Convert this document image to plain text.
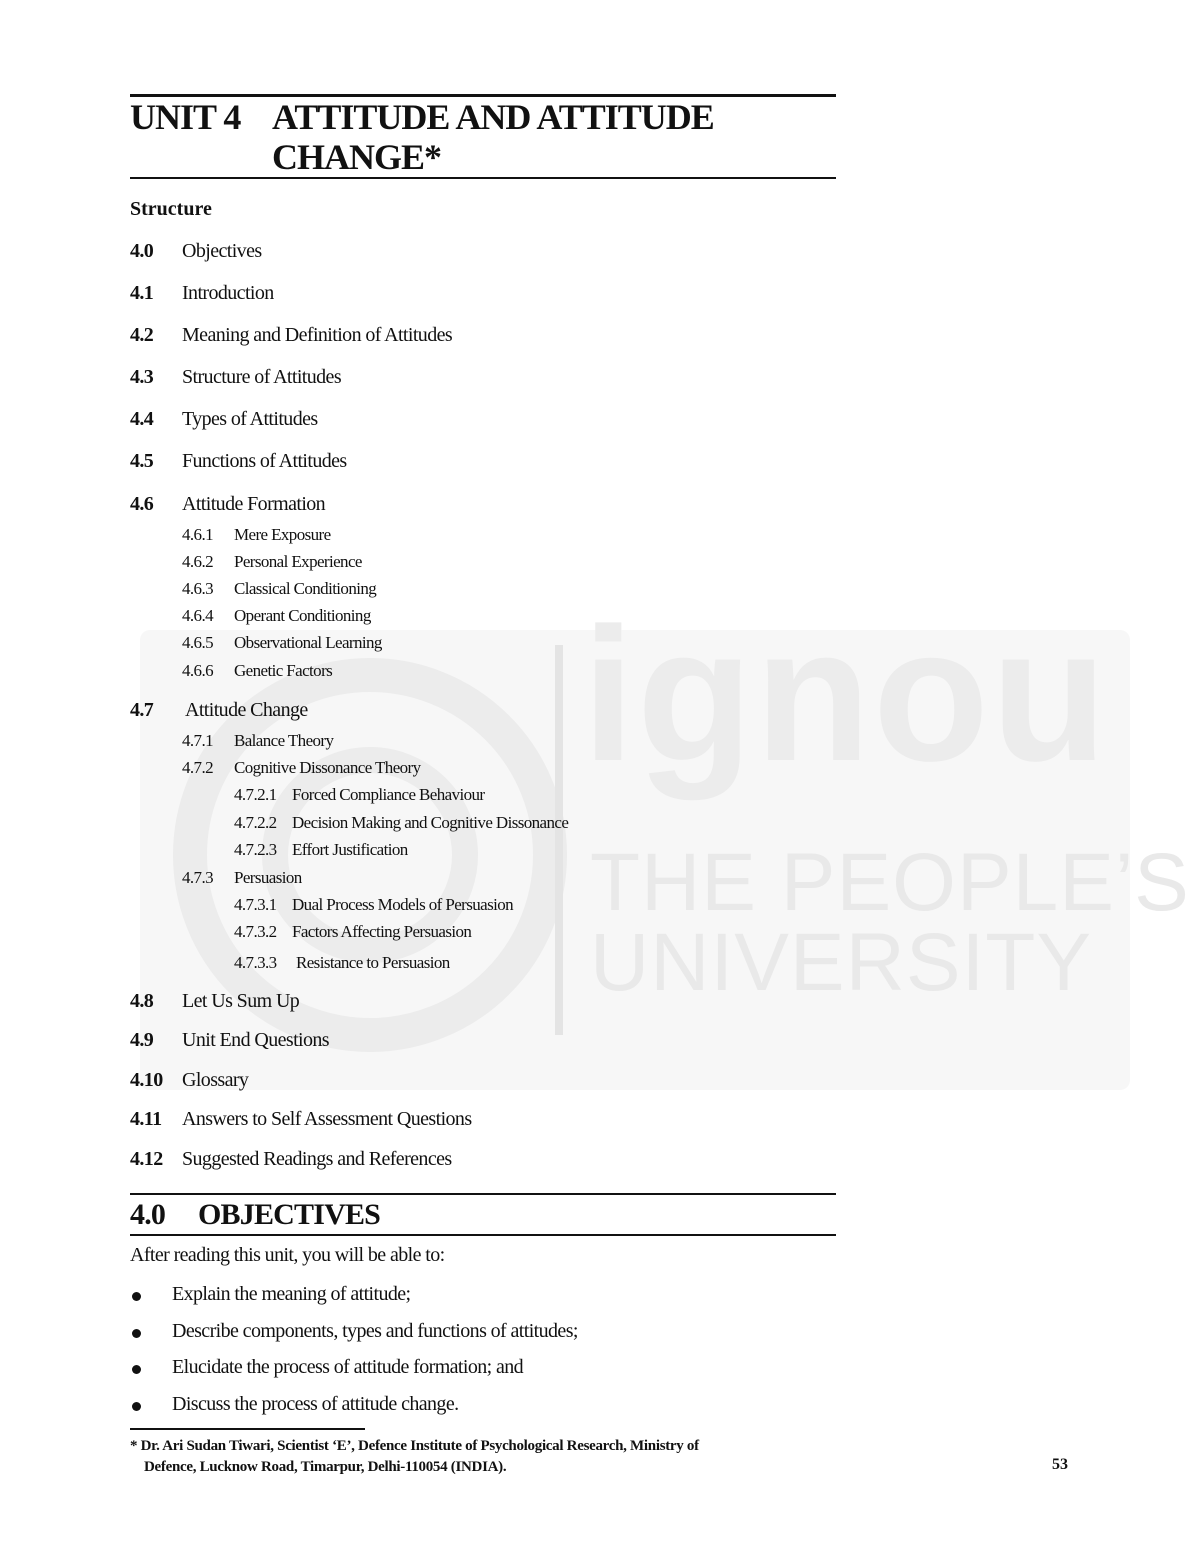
ignou
THE PEOPLE’S
UNIVERSITY
UNIT 4 ATTITUDE AND ATTITUDE
CHANGE*
Structure
4.0 Objectives
4.1 Introduction
4.2 Meaning and Definition of Attitudes
4.3 Structure of Attitudes
4.4 Types of Attitudes
4.5 Functions of Attitudes
4.6 Attitude Formation
4.6.1 Mere Exposure
4.6.2 Personal Experience
4.6.3 Classical Conditioning
4.6.4 Operant Conditioning
4.6.5 Observational Learning
4.6.6 Genetic Factors
4.7 Attitude Change
4.7.1 Balance Theory
4.7.2 Cognitive Dissonance Theory
4.7.2.1 Forced Compliance Behaviour
4.7.2.2 Decision Making and Cognitive Dissonance
4.7.2.3 Effort Justification
4.7.3 Persuasion
4.7.3.1 Dual Process Models of Persuasion
4.7.3.2 Factors Affecting Persuasion
4.7.3.3 Resistance to Persuasion
4.8 Let Us Sum Up
4.9 Unit End Questions
4.10 Glossary
4.11 Answers to Self Assessment Questions
4.12 Suggested Readings and References
4.0 OBJECTIVES
After reading this unit, you will be able to:
Explain the meaning of attitude;
Describe components, types and functions of attitudes;
Elucidate the process of attitude formation; and
Discuss the process of attitude change.
* Dr. Ari Sudan Tiwari, Scientist ‘E’, Defence Institute of Psychological Research, Ministry of
Defence, Lucknow Road, Timarpur, Delhi-110054 (INDIA).	53
